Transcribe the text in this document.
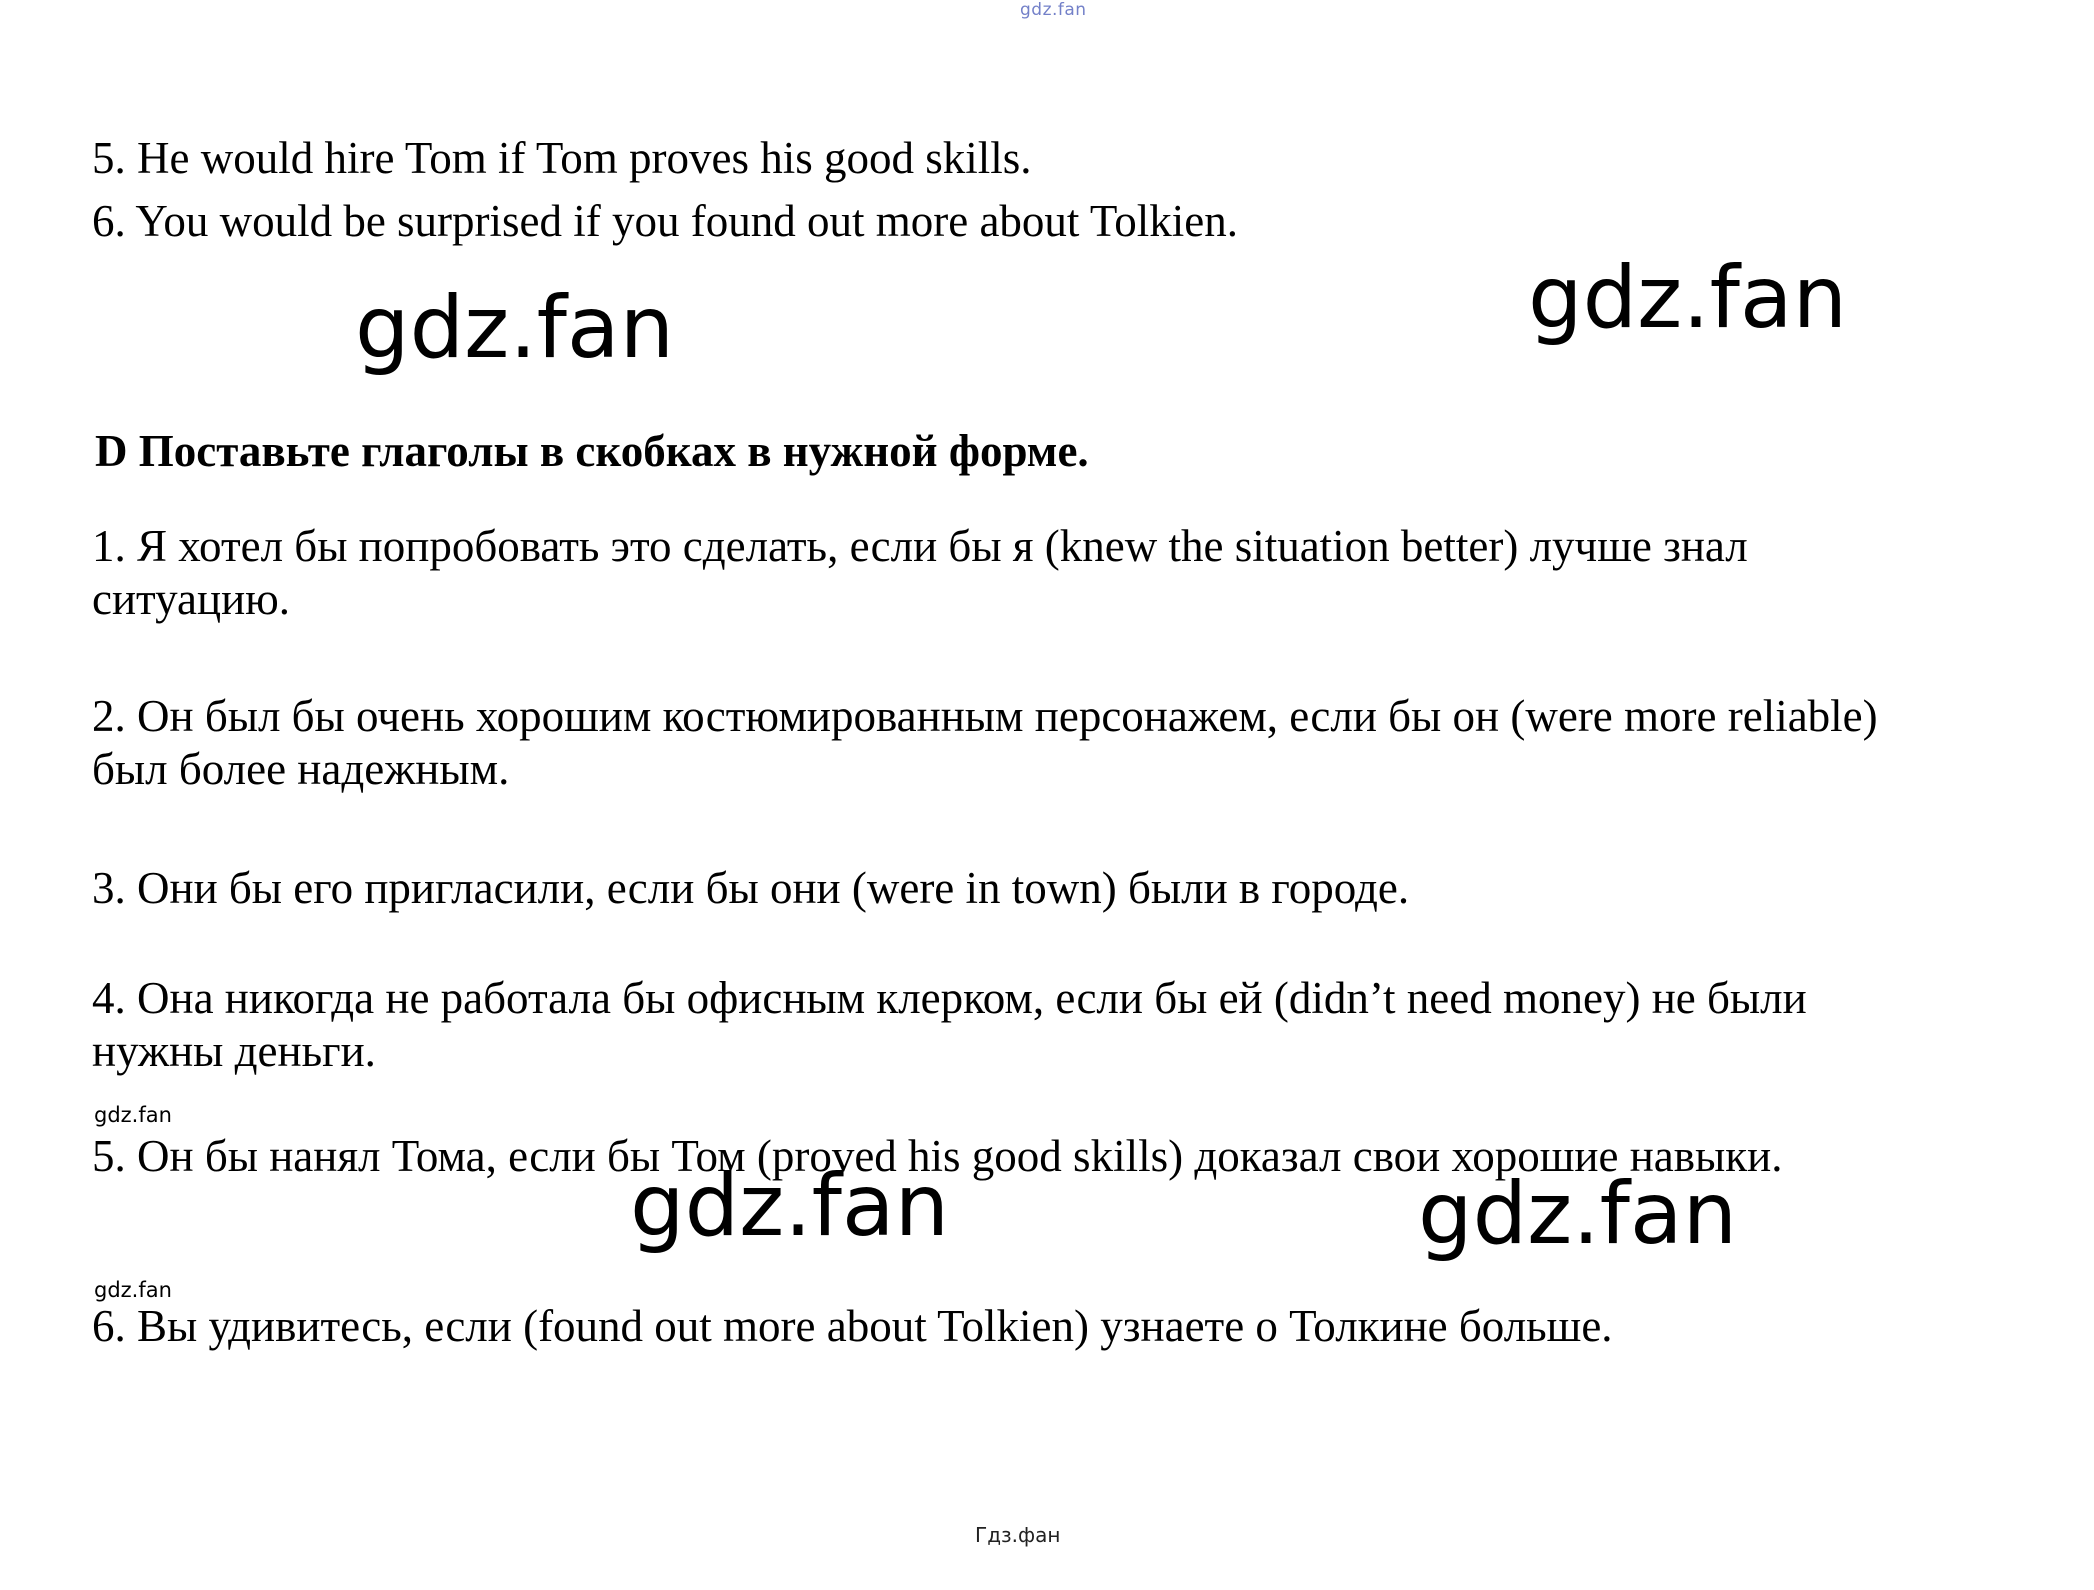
gdz.fan
5. He would hire Tom if Tom proves his good skills.
6. You would be surprised if you found out more about Tolkien.
gdz.fan	gdz.fan
D Поставьте глаголы в скобках в нужной форме.
1. Я хотел бы попробовать это сделать, если бы я (knew the situation better) лучше знал ситуацию.
2. Он был бы очень хорошим костюмированным персонажем, если бы он (were more reliable) был более надежным.
3. Они бы его пригласили, если бы они (were in town) были в городе.
4. Она никогда не работала бы офисным клерком, если бы ей (didn’t need money) не были нужны деньги.
gdz.fan
5. Он бы нанял Тома, если бы Том (proved his good skills) доказал свои хорошие навыки.
gdz.fan	gdz.fan
gdz.fan
6. Вы удивитесь, если (found out more about Tolkien) узнаете о Толкине больше.
Гдз.фан
